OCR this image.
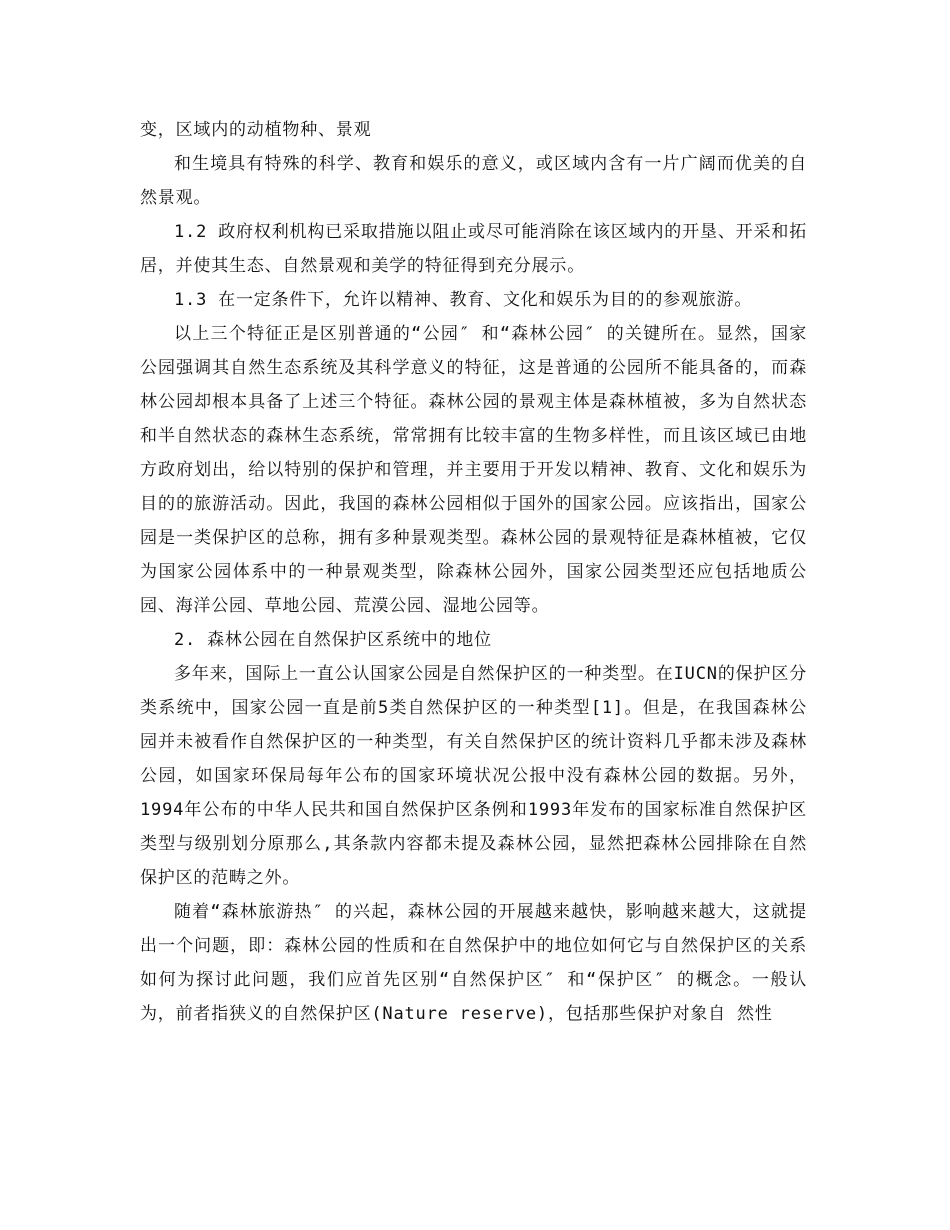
变，区域内的动植物种、景观

和生境具有特殊的科学、教育和娱乐的意义，或区域内含有一片广阔而优美的自然景观。

1.2 政府权利机构已采取措施以阻止或尽可能消除在该区域内的开垦、开采和拓居，并使其生态、自然景观和美学的特征得到充分展示。

1.3 在一定条件下，允许以精神、教育、文化和娱乐为目的的参观旅游。

以上三个特征正是区别普通的“公园″ 和“森林公园″ 的关键所在。显然，国家公园强调其自然生态系统及其科学意义的特征，这是普通的公园所不能具备的，而森林公园却根本具备了上述三个特征。森林公园的景观主体是森林植被，多为自然状态和半自然状态的森林生态系统，常常拥有比较丰富的生物多样性，而且该区域已由地方政府划出，给以特别的保护和管理，并主要用于开发以精神、教育、文化和娱乐为目的的旅游活动。因此，我国的森林公园相似于国外的国家公园。应该指出，国家公园是一类保护区的总称，拥有多种景观类型。森林公园的景观特征是森林植被，它仅为国家公园体系中的一种景观类型，除森林公园外，国家公园类型还应包括地质公园、海洋公园、草地公园、荒漠公园、湿地公园等。

2. 森林公园在自然保护区系统中的地位

多年来，国际上一直公认国家公园是自然保护区的一种类型。在IUCN的保护区分类系统中，国家公园一直是前5类自然保护区的一种类型[1]。但是，在我国森林公园并未被看作自然保护区的一种类型，有关自然保护区的统计资料几乎都未涉及森林公园，如国家环保局每年公布的国家环境状况公报中没有森林公园的数据。另外，1994年公布的中华人民共和国自然保护区条例和1993年发布的国家标准自然保护区类型与级别划分原那么,其条款内容都未提及森林公园，显然把森林公园排除在自然保护区的范畴之外。

随着“森林旅游热″ 的兴起，森林公园的开展越来越快，影响越来越大，这就提出一个问题，即：森林公园的性质和在自然保护中的地位如何它与自然保护区的关系如何为探讨此问题，我们应首先区别“自然保护区″ 和“保护区″ 的概念。一般认为，前者指狭义的自然保护区(Nature reserve)，包括那些保护对象自 然性
